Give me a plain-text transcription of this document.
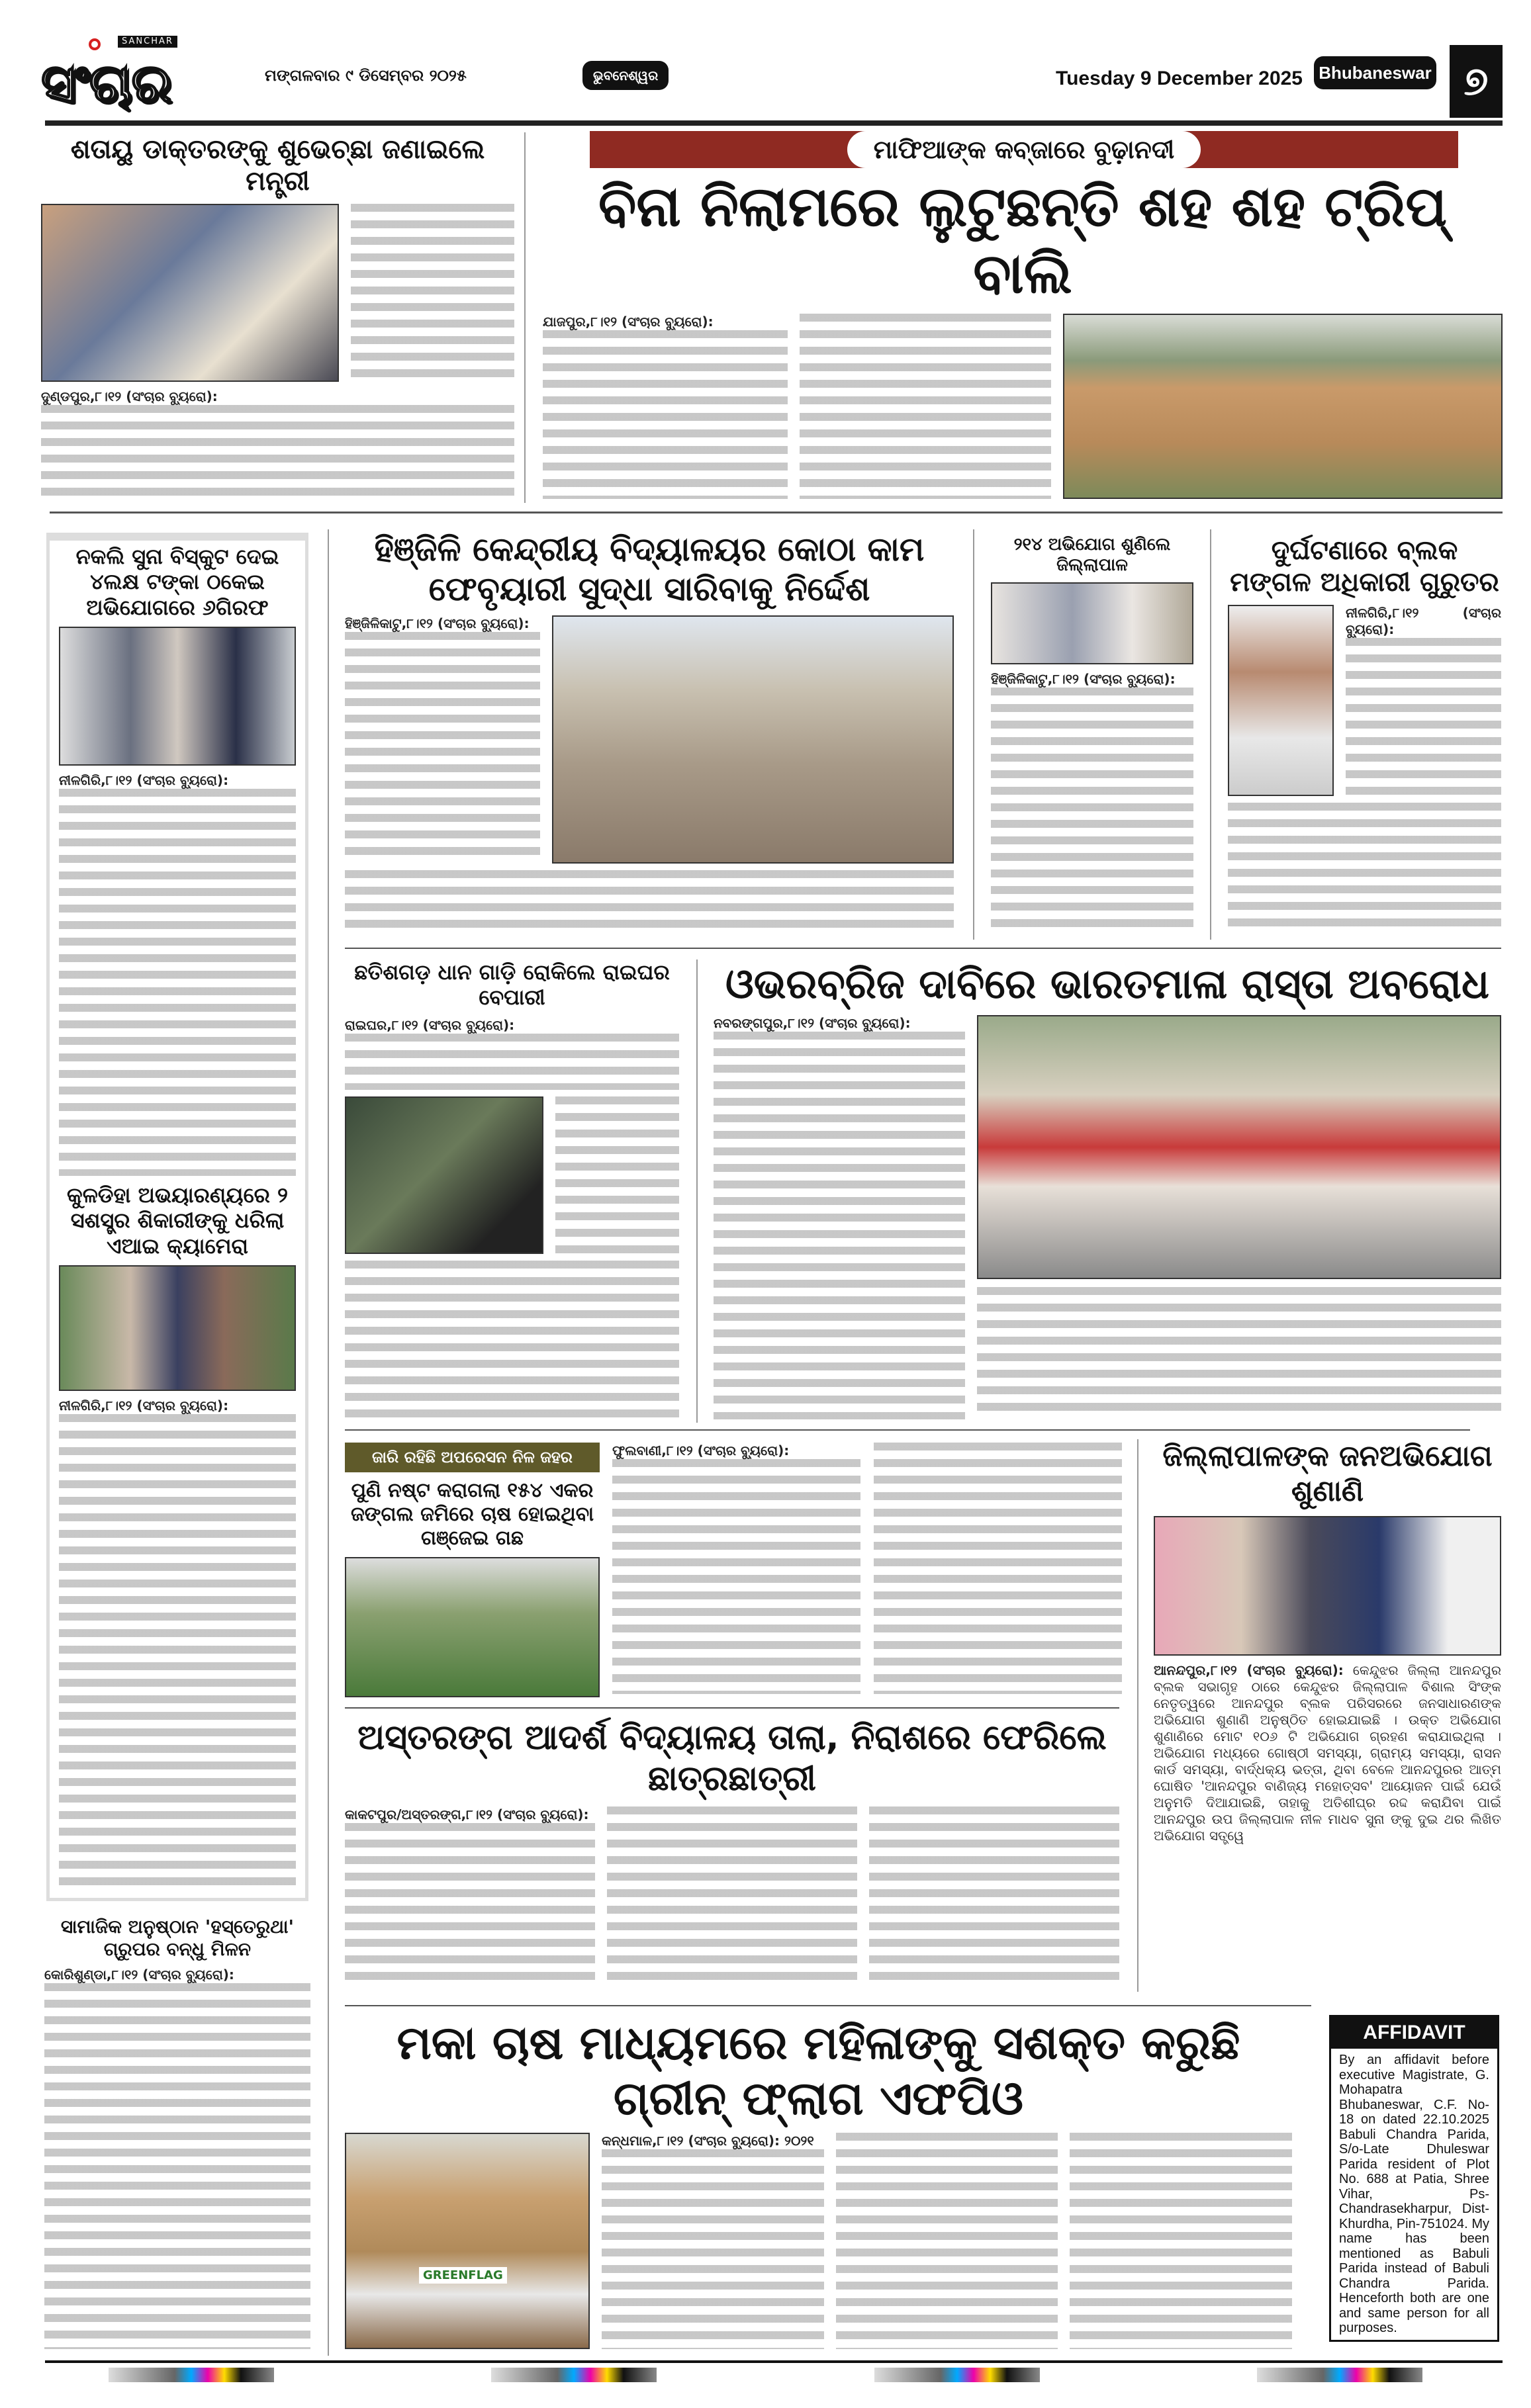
SANCHAR
ସଂଚାର	ମଙ୍ଗଳବାର ୯ ଡିସେମ୍ବର ୨୦୨୫	ଭୁବନେଶ୍ୱର	Tuesday 9 December 2025 Bhubaneswar ୭
ଶତାୟୁ ଡାକ୍ତରଙ୍କୁ ଶୁଭେଚ୍ଛା ଜଣାଇଲେ ମନ୍ତ୍ରୀ
ଦୁଣ୍ଡପୁର,୮।୧୨ (ସଂଚାର ବ୍ୟୁରୋ):
ମାଫିଆଙ୍କ କବ୍ଜାରେ ବୁଢ଼ାନଦୀ
ବିନା ନିଲାମରେ ଲୁଟୁଛନ୍ତି ଶହ ଶହ ଟ୍ରିପ୍ ବାଲି
ଯାଜପୁର,୮।୧୨ (ସଂଚାର ବ୍ୟୁରୋ):
ନକଲି ସୁନା ବିସ୍କୁଟ ଦେଇ ୪ଲକ୍ଷ ଟଙ୍କା ଠକେଇ ଅଭିଯୋଗରେ ୬ଗିରଫ
ନୀଳଗିରି,୮।୧୨ (ସଂଚାର ବ୍ୟୁରୋ):
କୁଳଡିହା ଅଭୟାରଣ୍ୟରେ ୨ ସଶସ୍ତ୍ର ଶିକାରୀଙ୍କୁ ଧରିଲା ଏଆଇ କ୍ୟାମେରା
ନୀଳଗିରି,୮।୧୨ (ସଂଚାର ବ୍ୟୁରୋ):
ସାମାଜିକ ଅନୁଷ୍ଠାନ 'ହସ୍ତେରୁଥା' ଗ୍ରୁପର ବନ୍ଧୁ ମିଳନ
କୋରିଶୁଣ୍ଡା,୮।୧୨ (ସଂଚାର ବ୍ୟୁରୋ):
ହିଞ୍ଜିଳି କେନ୍ଦ୍ରୀୟ ବିଦ୍ୟାଳୟର କୋଠା କାମ ଫେବୃୟାରୀ ସୁଦ୍ଧା ସାରିବାକୁ ନିର୍ଦ୍ଦେଶ
ହିଞ୍ଜିଳିକାଟୁ,୮।୧୨ (ସଂଚାର ବ୍ୟୁରୋ):
୨୧୪ ଅଭିଯୋଗ ଶୁଣିଲେ ଜିଲ୍ଲାପାଳ
ହିଞ୍ଜିଳିକାଟୁ,୮।୧୨ (ସଂଚାର ବ୍ୟୁରୋ):
ଦୁର୍ଘଟଣାରେ ବ୍ଲକ ମଙ୍ଗଳ ଅଧିକାରୀ ଗୁରୁତର
ନୀଳଗିରି,୮।୧୨ (ସଂଚାର ବ୍ୟୁରୋ):
ଛତିଶଗଡ଼ ଧାନ ଗାଡ଼ି ରୋକିଲେ ରାଇଘର ବେପାରୀ
ରାଇଘର,୮।୧୨ (ସଂଚାର ବ୍ୟୁରୋ):
ଓଭରବ୍ରିଜ ଦାବିରେ ଭାରତମାଳା ରାସ୍ତା ଅବରୋଧ
ନବରଙ୍ଗପୁର,୮।୧୨ (ସଂଚାର ବ୍ୟୁରୋ):
ଜାରି ରହିଛି ଅପରେସନ ନିଳ ଜହର
ପୁଣି ନଷ୍ଟ କରାଗଲା ୧୫୪ ଏକର ଜଙ୍ଗଲ ଜମିରେ ଚାଷ ହୋଇଥିବା ଗଞ୍ଜେଇ ଗଛ
ଫୁଲବାଣୀ,୮।୧୨ (ସଂଚାର ବ୍ୟୁରୋ):	ଜିଲ୍ଲାପାଳଙ୍କ ଜନଅଭିଯୋଗ ଶୁଣାଣି
ଆନନ୍ଦପୁର,୮।୧୨ (ସଂଚାର ବ୍ୟୁରୋ): କେନ୍ଦୁଝର ଜିଲ୍ଲା ଆନନ୍ଦପୁର ବ୍ଲକ ସଭାଗୃହ ଠାରେ କେନ୍ଦୁଝର ଜିଲ୍ଲାପାଳ ବିଶାଲ ସିଂଙ୍କ ନେତୃତ୍ୱରେ ଆନନ୍ଦପୁର ବ୍ଲକ ପରିସରରେ ଜନସାଧାରଣଙ୍କ ଅଭିଯୋଗ ଶୁଣାଣି ଅନୁଷ୍ଠିତ ହୋଇଯାଇଛି । ଉକ୍ତ ଅଭିଯୋଗ ଶୁଣାଣିରେ ମୋଟ ୧୦୬ ଟି ଅଭିଯୋଗ ଗ୍ରହଣ କରାଯାଇଥିଲା । ଅଭିଯୋଗ ମଧ୍ୟରେ ଗୋଷ୍ଠୀ ସମସ୍ୟା, ଗ୍ରାମ୍ୟ ସମସ୍ୟା, ରାସନ କାର୍ଡ ସମସ୍ୟା, ବାର୍ଦ୍ଧକ୍ୟ ଭତ୍ତା, ଥିବା ବେଳେ ଆନନ୍ଦପୁରର ଆତ୍ମ ଘୋଷିତ 'ଆନନ୍ଦପୁର ବାଣିଜ୍ୟ ମହୋତ୍ସବ' ଆୟୋଜନ ପାଇଁ ଯେଉଁ ଅନୁମତି ଦିଆଯାଇଛି, ତାହାକୁ ଅତିଶୀଘ୍ର ରଦ୍ଦ କରାଯିବା ପାଇଁ ଆନନ୍ଦପୁର ଉପ ଜିଲ୍ଲାପାଳ ନୀଳ ମାଧବ ସୁନା ଙ୍କୁ ଦୁଇ ଥର ଲିଖିତ ଅଭିଯୋଗ ସତ୍ତ୍ୱେ
ଅସ୍ତରଙ୍ଗ ଆଦର୍ଶ ବିଦ୍ୟାଳୟ ତାଲା, ନିରାଶରେ ଫେରିଲେ ଛାତ୍ରଛାତ୍ରୀ
କାକଟପୁର/ଅସ୍ତରଙ୍ଗ,୮।୧୨ (ସଂଚାର ବ୍ୟୁରୋ):
ମକା ଚାଷ ମାଧ୍ୟମରେ ମହିଳାଙ୍କୁ ସଶକ୍ତ କରୁଛି ଗ୍ରୀନ୍ ଫ୍ଲାଗ ଏଫପିଓ
GREENFLAG
କନ୍ଧମାଳ,୮।୧୨ (ସଂଚାର ବ୍ୟୁରୋ): ୨୦୨୧
AFFIDAVIT
By an affidavit before executive Magistrate, G. Mohapatra Bhubaneswar, C.F. No-18 on dated 22.10.2025 Babuli Chandra Parida, S/o-Late Dhuleswar Parida resident of Plot No. 688 at Patia, Shree Vihar, Ps-Chandrasekharpur, Dist-Khurdha, Pin-751024. My name has been mentioned as Babuli Parida instead of Babuli Chandra Parida. Henceforth both are one and same person for all purposes.
